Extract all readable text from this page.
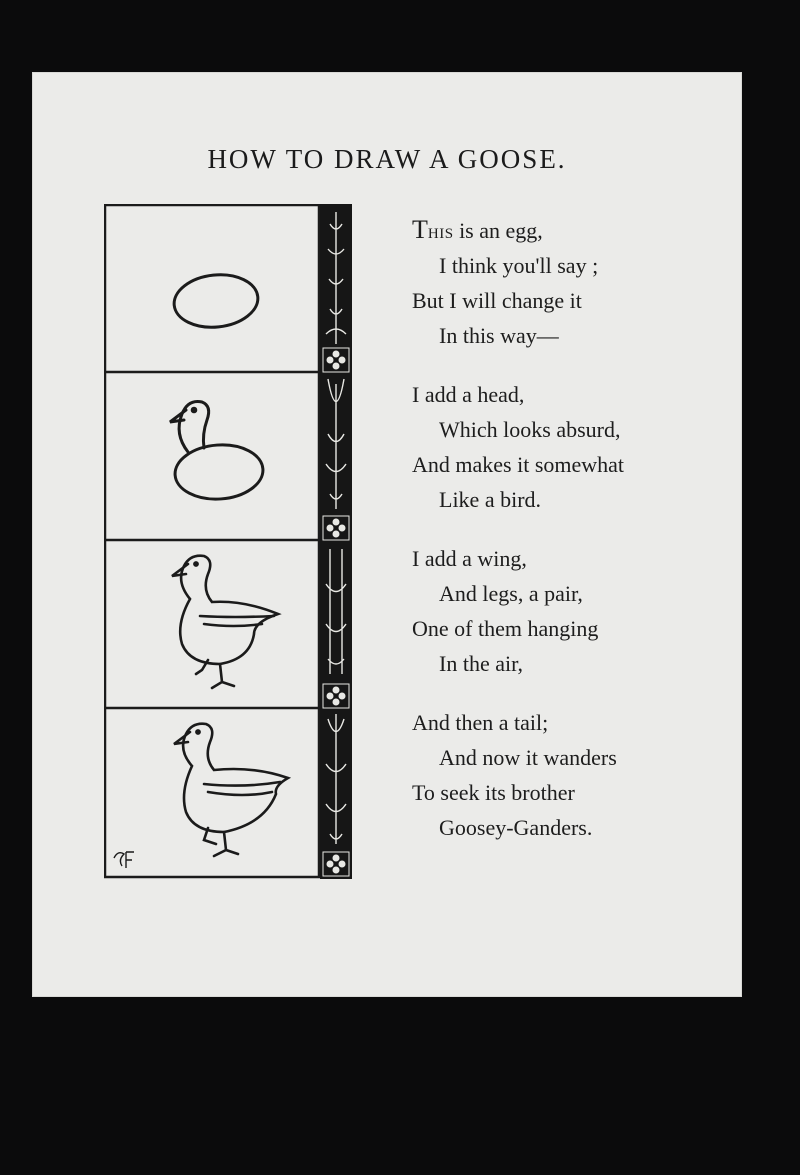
HOW TO DRAW A GOOSE.
This is an egg,
I think you'll say ;
But I will change it
In this way—
I add a head,
Which looks absurd,
And makes it somewhat
Like a bird.
I add a wing,
And legs, a pair,
One of them hanging
In the air,
And then a tail;
And now it wanders
To seek its brother
Goosey-Ganders.
